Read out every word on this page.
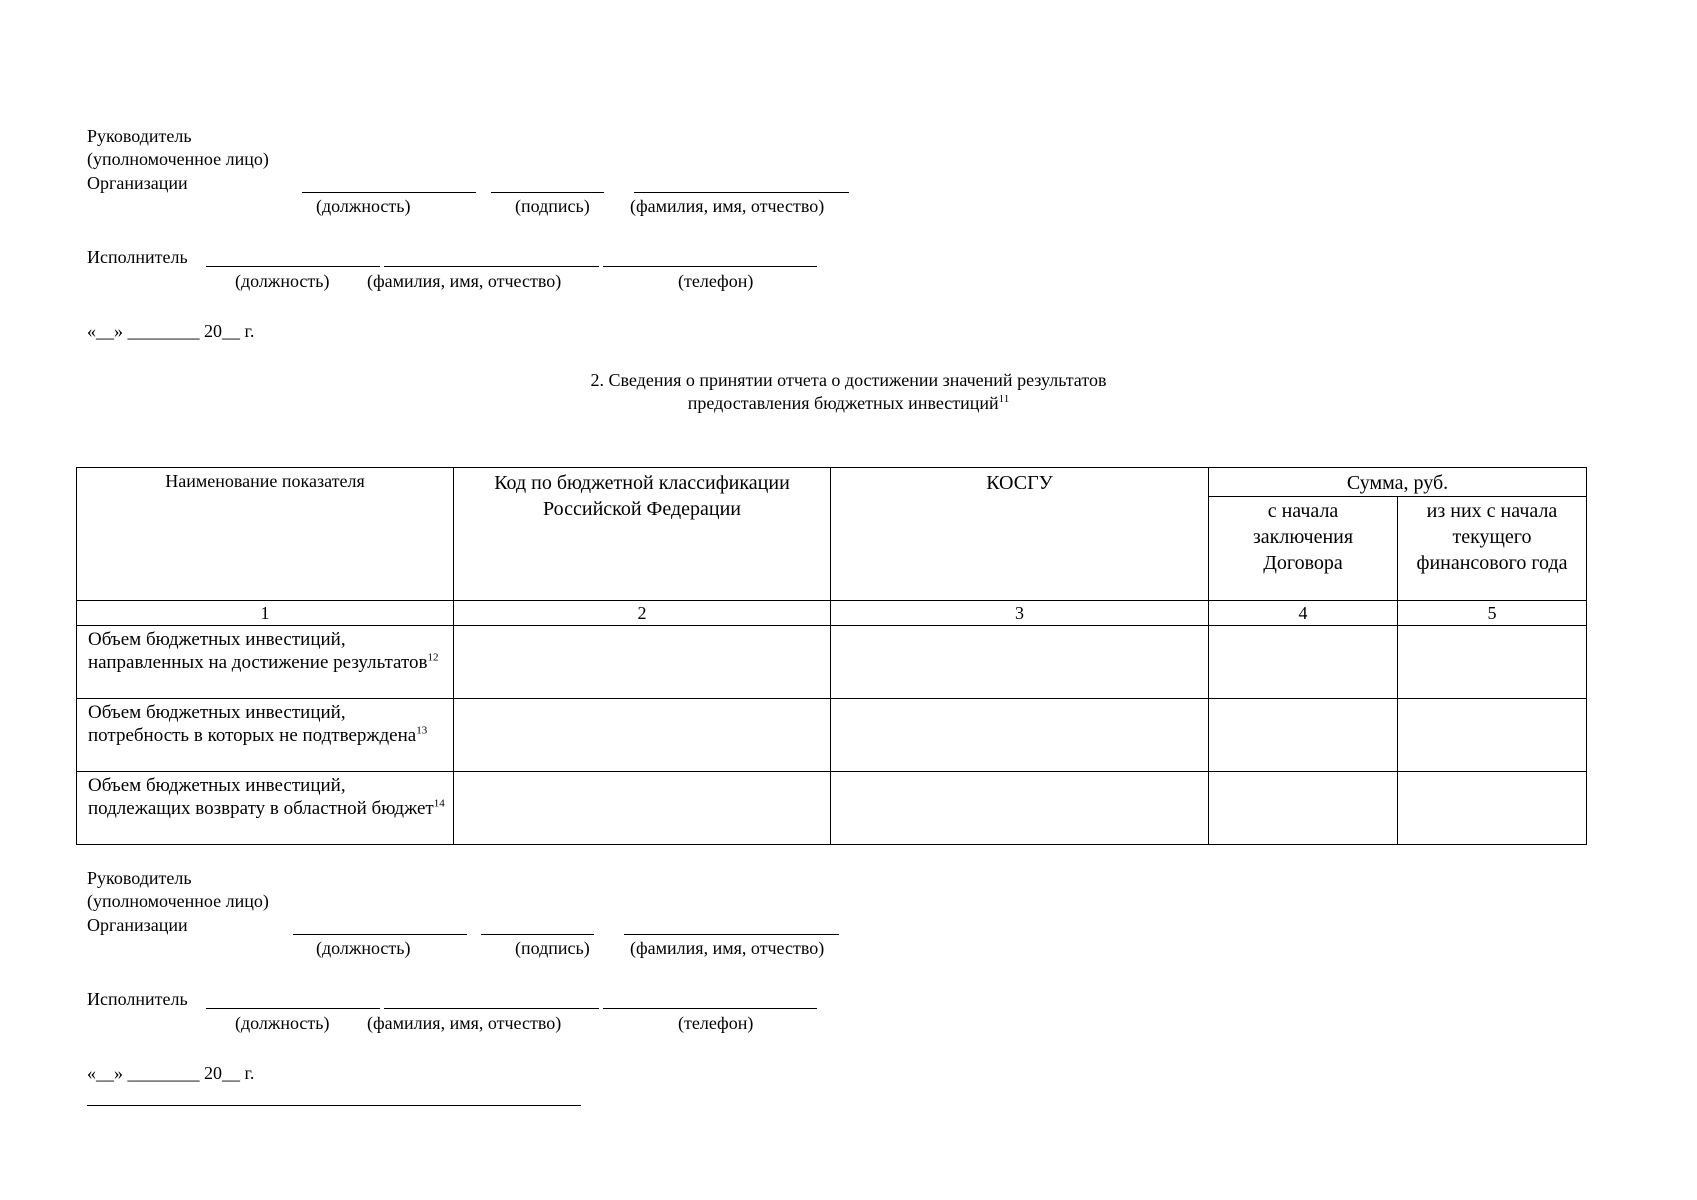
Руководитель
(уполномоченное лицо)
Организации
(должность)	(подпись) (фамилия, имя, отчество)
Исполнитель
(должность) (фамилия, имя, отчество)	(телефон)
«__» ________ 20__ г.
2. Сведения о принятии отчета о достижении значений результатов
предоставления бюджетных инвестиций$^{11}$
Наименование показателя	Код по бюджетной классификации Российской Федерации	КОСГУ	Сумма, руб.	
			с начала заключения Договора	из них с начала текущего финансового года
1	2	3	4	5
Объем бюджетных инвестиций, направленных на достижение результатов$^{12}$				
Объем бюджетных инвестиций, потребность в которых не подтверждена$^{13}$				
Объем бюджетных инвестиций, подлежащих возврату в областной бюджет$^{14}$				
Руководитель
(уполномоченное лицо)
Организации
(должность)	(подпись) (фамилия, имя, отчество)
Исполнитель
(должность) (фамилия, имя, отчество)	(телефон)
«__» ________ 20__ г.
